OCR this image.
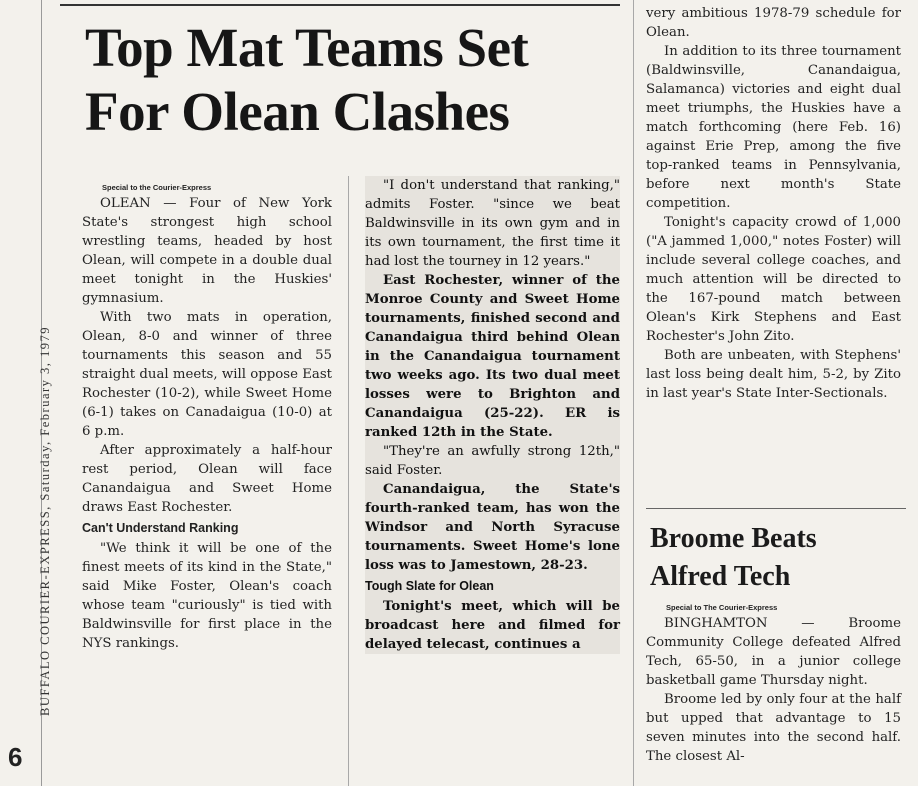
BUFFALO COURIER-EXPRESS, Saturday, February 3, 1979
6
Top Mat Teams Set
For Olean Clashes

Special to the Courier-Express

OLEAN — Four of New York State's strongest high school wrestling teams, headed by host Olean, will compete in a double dual meet tonight in the Huskies' gymnasium.

With two mats in operation, Olean, 8-0 and winner of three tournaments this season and 55 straight dual meets, will oppose East Rochester (10-2), while Sweet Home (6-1) takes on Canadaigua (10-0) at 6 p.m.

After approximately a half-hour rest period, Olean will face Canandaigua and Sweet Home draws East Rochester.

Can't Understand Ranking

"We think it will be one of the finest meets of its kind in the State," said Mike Foster, Olean's coach whose team "curiously" is tied with Baldwinsville for first place in the NYS rankings.

"I don't understand that ranking," admits Foster. "since we beat Baldwinsville in its own gym and in its own tournament, the first time it had lost the tourney in 12 years."

East Rochester, winner of the Monroe County and Sweet Home tournaments, finished second and Canandaigua third behind Olean in the Canandaigua tournament two weeks ago. Its two dual meet losses were to Brighton and Canandaigua (25-22). ER is ranked 12th in the State.

"They're an awfully strong 12th," said Foster.

Canandaigua, the State's fourth-ranked team, has won the Windsor and North Syracuse tournaments. Sweet Home's lone loss was to Jamestown, 28-23.

Tough Slate for Olean

Tonight's meet, which will be broadcast here and filmed for delayed telecast, continues a

very ambitious 1978-79 schedule for Olean.

In addition to its three tournament (Baldwinsville, Canandaigua, Salamanca) victories and eight dual meet triumphs, the Huskies have a match forthcoming (here Feb. 16) against Erie Prep, among the five top-ranked teams in Pennsylvania, before next month's State competition.

Tonight's capacity crowd of 1,000 ("A jammed 1,000," notes Foster) will include several college coaches, and much attention will be directed to the 167-pound match between Olean's Kirk Stephens and East Rochester's John Zito.

Both are unbeaten, with Stephens' last loss being dealt him, 5-2, by Zito in last year's State Inter-Sectionals.

Broome Beats
Alfred Tech

Special to The Courier-Express

BINGHAMTON — Broome Community College defeated Alfred Tech, 65-50, in a junior college basketball game Thursday night.

Broome led by only four at the half but upped that advantage to 15 seven minutes into the second half. The closest Al-
